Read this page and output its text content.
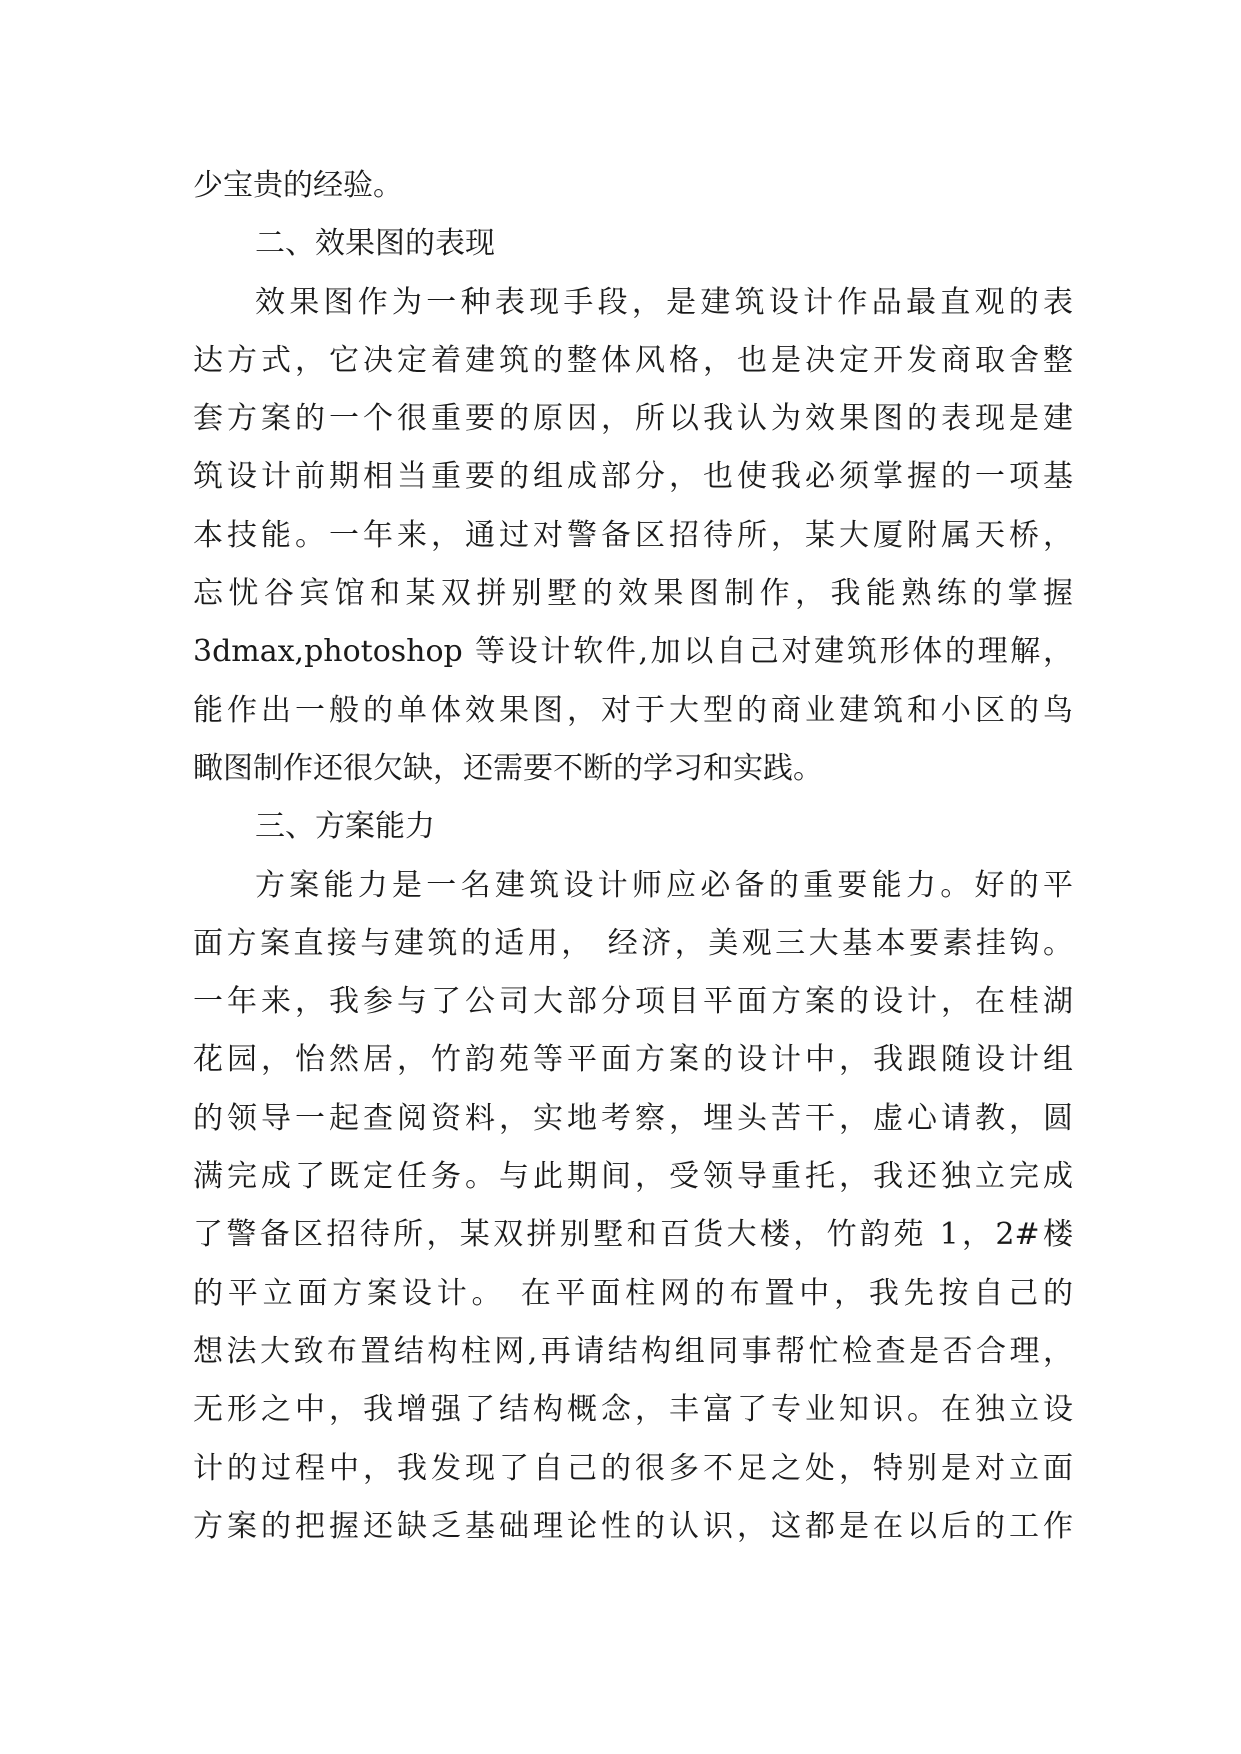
少宝贵的经验。
二、效果图的表现
效果图作为一种表现手段，是建筑设计作品最直观的表
达方式，它决定着建筑的整体风格，也是决定开发商取舍整
套方案的一个很重要的原因，所以我认为效果图的表现是建
筑设计前期相当重要的组成部分，也使我必须掌握的一项基
本技能。一年来，通过对警备区招待所，某大厦附属天桥，
忘忧谷宾馆和某双拼别墅的效果图制作，我能熟练的掌握
3dmax,photoshop 等设计软件,加以自己对建筑形体的理解，
能作出一般的单体效果图，对于大型的商业建筑和小区的鸟
瞰图制作还很欠缺，还需要不断的学习和实践。
三、方案能力
方案能力是一名建筑设计师应必备的重要能力。好的平
面方案直接与建筑的适用， 经济，美观三大基本要素挂钩。
一年来，我参与了公司大部分项目平面方案的设计，在桂湖
花园，怡然居，竹韵苑等平面方案的设计中，我跟随设计组
的领导一起查阅资料，实地考察，埋头苦干，虚心请教，圆
满完成了既定任务。与此期间，受领导重托，我还独立完成
了警备区招待所，某双拼别墅和百货大楼，竹韵苑 1，2#楼
的平立面方案设计。 在平面柱网的布置中，我先按自己的
想法大致布置结构柱网,再请结构组同事帮忙检查是否合理，
无形之中，我增强了结构概念，丰富了专业知识。在独立设
计的过程中，我发现了自己的很多不足之处，特别是对立面
方案的把握还缺乏基础理论性的认识，这都是在以后的工作
